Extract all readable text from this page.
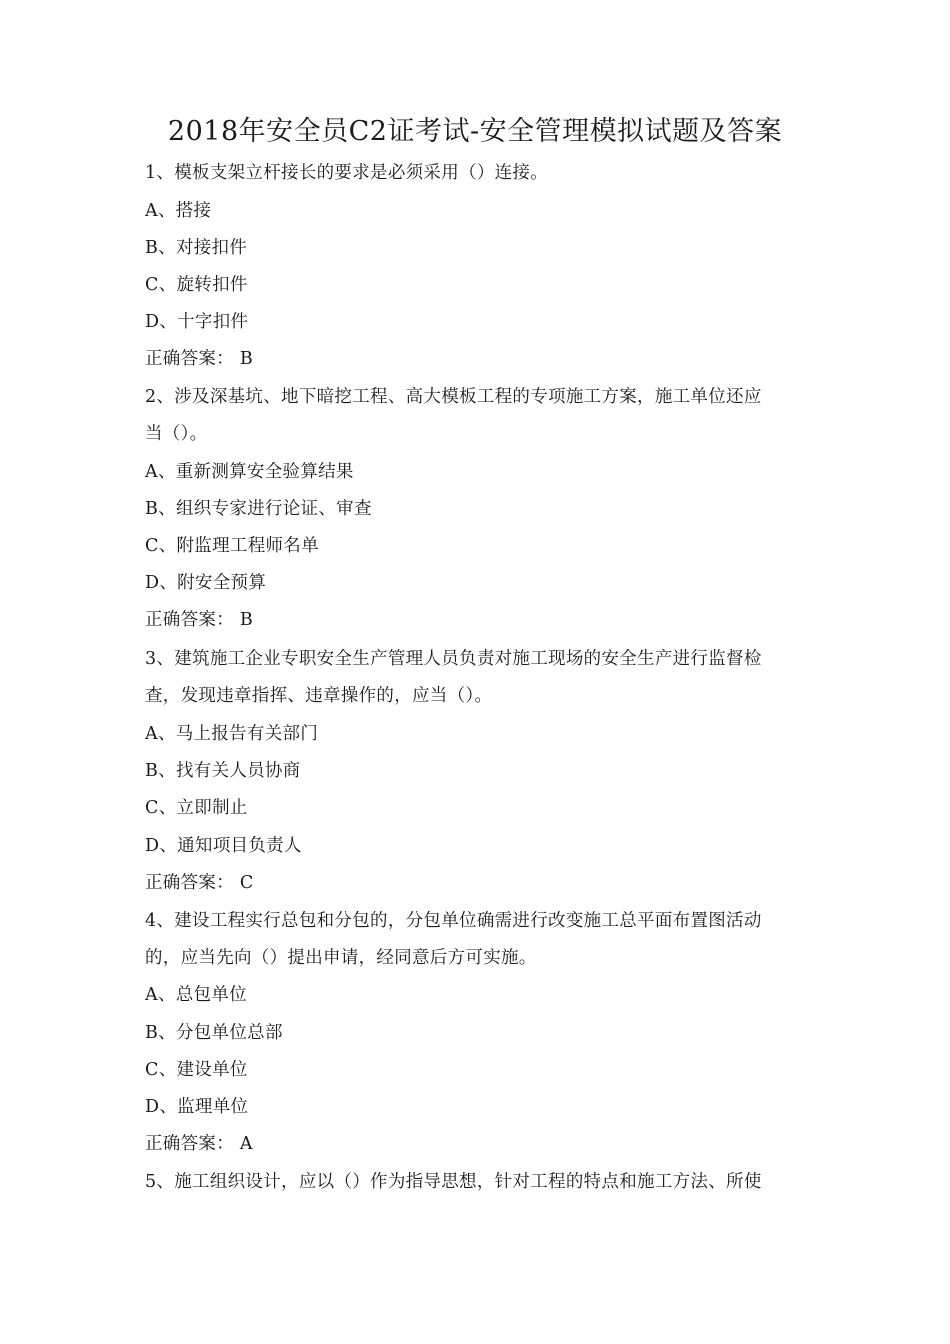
2018年安全员C2证考试-安全管理模拟试题及答案
1、模板支架立杆接长的要求是必须采用（）连接。
A、搭接
B、对接扣件
C、旋转扣件
D、十字扣件
正确答案： B
2、涉及深基坑、地下暗挖工程、高大模板工程的专项施工方案，施工单位还应
当（）。
A、重新测算安全验算结果
B、组织专家进行论证、审查
C、附监理工程师名单
D、附安全预算
正确答案： B
3、建筑施工企业专职安全生产管理人员负责对施工现场的安全生产进行监督检
查，发现违章指挥、违章操作的，应当（）。
A、马上报告有关部门
B、找有关人员协商
C、立即制止
D、通知项目负责人
正确答案： C
4、建设工程实行总包和分包的，分包单位确需进行改变施工总平面布置图活动
的，应当先向（）提出申请，经同意后方可实施。
A、总包单位
B、分包单位总部
C、建设单位
D、监理单位
正确答案： A
5、施工组织设计，应以（）作为指导思想，针对工程的特点和施工方法、所使
